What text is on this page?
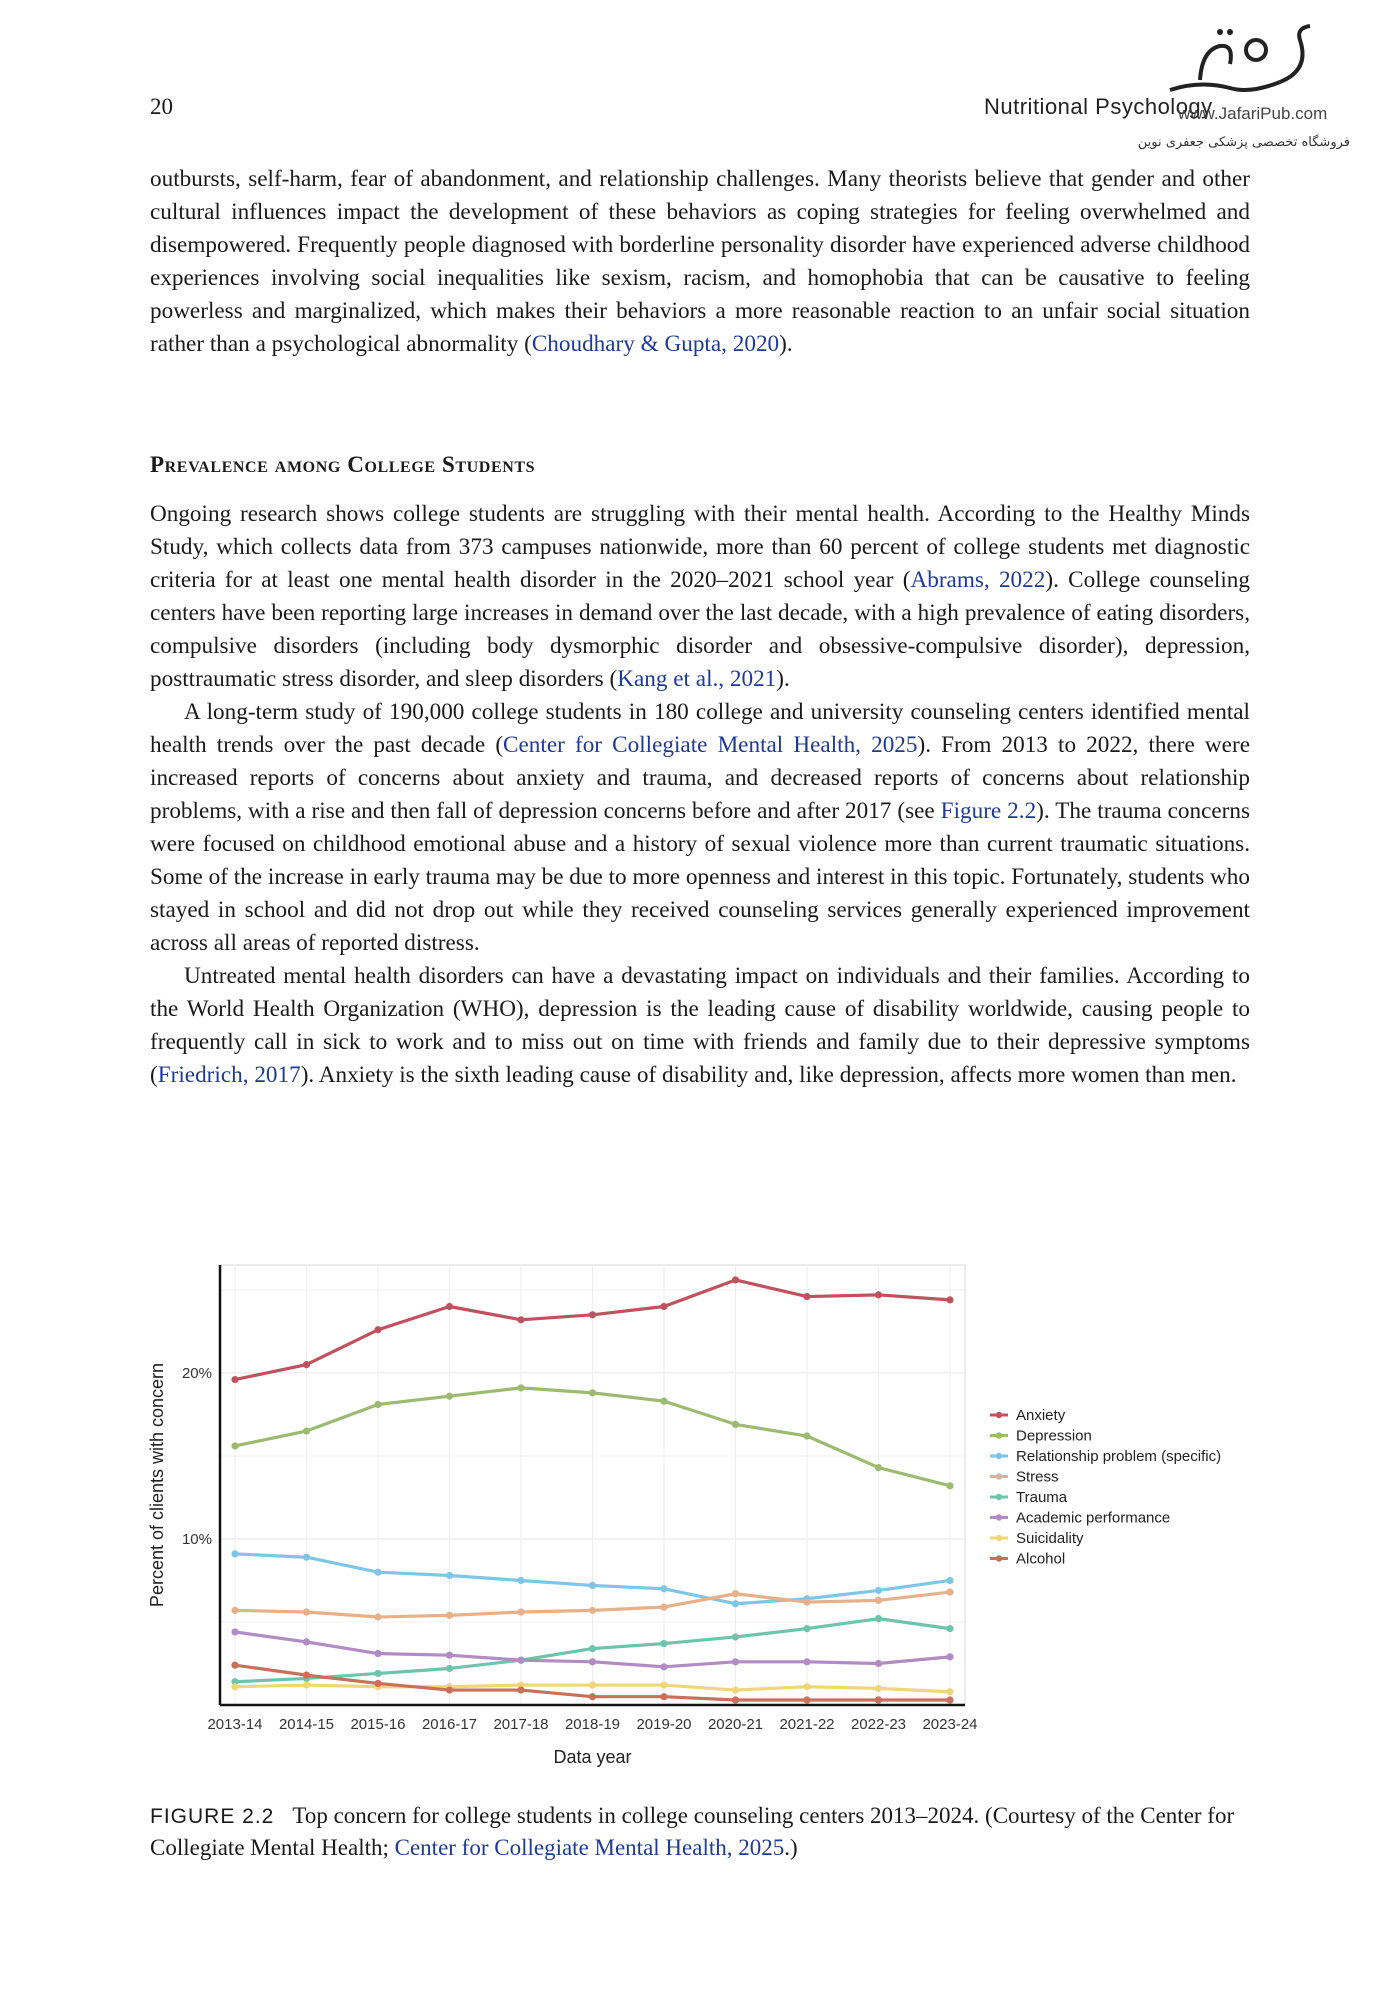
20	Nutritional Psychology
www.JafariPub.com
فروشگاه تخصصی پزشکی جعفری نوین

outbursts, self-harm, fear of abandonment, and relationship challenges. Many theorists believe that gender and other cultural influences impact the development of these behaviors as coping strategies for feeling overwhelmed and disempowered. Frequently people diagnosed with borderline personality disorder have experienced adverse childhood experiences involving social inequalities like sexism, racism, and homophobia that can be causative to feeling powerless and marginalized, which makes their behaviors a more reasonable reaction to an unfair social situation rather than a psychological abnormality (Choudhary & Gupta, 2020).

Prevalence among College Students

Ongoing research shows college students are struggling with their mental health. According to the Healthy Minds Study, which collects data from 373 campuses nationwide, more than 60 percent of college students met diagnostic criteria for at least one mental health disorder in the 2020–2021 school year (Abrams, 2022). College counseling centers have been reporting large increases in demand over the last decade, with a high prevalence of eating disorders, compulsive disorders (including body dysmorphic disorder and obsessive-compulsive disorder), depression, posttraumatic stress disorder, and sleep disorders (Kang et al., 2021).

A long-term study of 190,000 college students in 180 college and university counseling centers identified mental health trends over the past decade (Center for Collegiate Mental Health, 2025). From 2013 to 2022, there were increased reports of concerns about anxiety and trauma, and decreased reports of concerns about relationship problems, with a rise and then fall of depression concerns before and after 2017 (see Figure 2.2). The trauma concerns were focused on childhood emotional abuse and a history of sexual violence more than current traumatic situations. Some of the increase in early trauma may be due to more openness and interest in this topic. Fortunately, students who stayed in school and did not drop out while they received counseling services generally experienced improvement across all areas of reported distress.

Untreated mental health disorders can have a devastating impact on individuals and their families. According to the World Health Organization (WHO), depression is the leading cause of disability worldwide, causing people to frequently call in sick to work and to miss out on time with friends and family due to their depressive symptoms (Friedrich, 2017). Anxiety is the sixth leading cause of disability and, like depression, affects more women than men.

10%
20%
2013-14 2014-15 2015-16 2016-17 2017-18 2018-19 2019-20 2020-21 2021-22 2022-23 2023-24
Data year
Percent of clients with concern	Anxiety
Depression
Relationship problem (specific)
Stress
Trauma
Academic performance
Suicidality
Alcohol
FIGURE 2.2 Top concern for college students in college counseling centers 2013–2024. (Courtesy of the Center for Collegiate Mental Health; Center for Collegiate Mental Health, 2025.)
